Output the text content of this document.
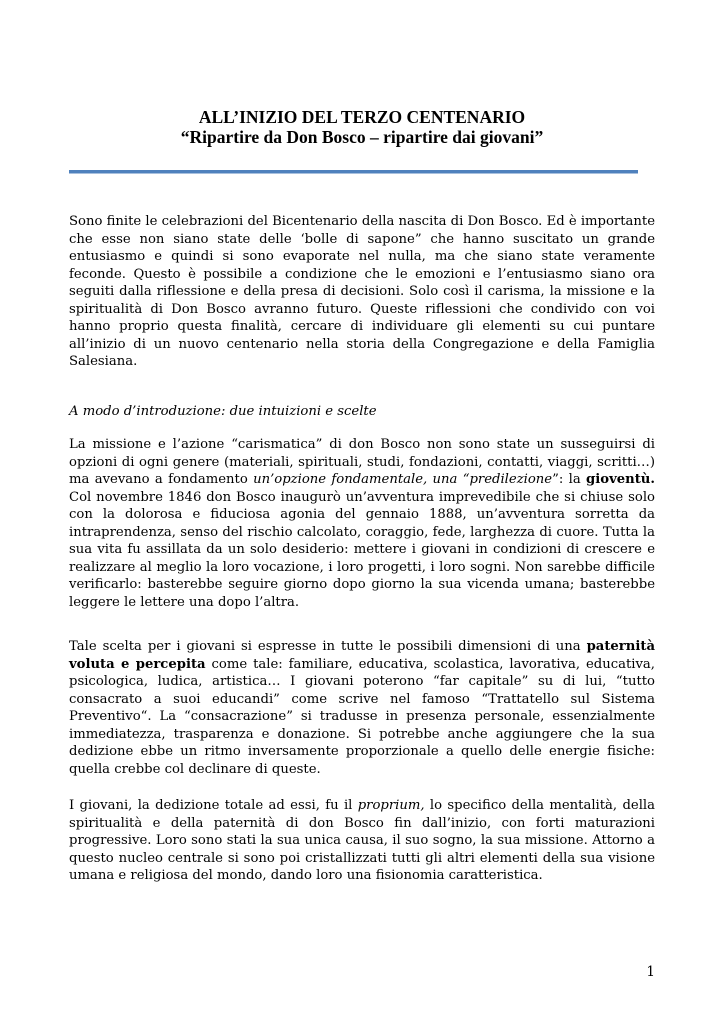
ALL’INIZIO DEL TERZO CENTENARIO
“Ripartire da Don Bosco – ripartire dai giovani”
Sono finite le celebrazioni del Bicentenario della nascita di Don Bosco. Ed è importante che esse non siano state delle ‘bolle di sapone” che hanno suscitato un grande entusiasmo e quindi si sono evaporate nel nulla, ma che siano state veramente feconde. Questo è possibile a condizione che le emozioni e l’entusiasmo siano ora seguiti dalla riflessione e della presa di decisioni. Solo così il carisma, la missione e la spiritualità di Don Bosco avranno futuro. Queste riflessioni che condivido con voi hanno proprio questa finalità, cercare di individuare gli elementi su cui puntare all’inizio di un nuovo centenario nella storia della Congregazione e della Famiglia Salesiana.
A modo d’introduzione: due intuizioni e scelte
La missione e l’azione “carismatica” di don Bosco non sono state un susseguirsi di opzioni di ogni genere (materiali, spirituali, studi, fondazioni, contatti, viaggi, scritti…) ma avevano a fondamento un’opzione fondamentale, una “predilezione”: la gioventù. Col novembre 1846 don Bosco inaugurò un’avventura imprevedibile che si chiuse solo con la dolorosa e fiduciosa agonia del gennaio 1888, un’avventura sorretta da intraprendenza, senso del rischio calcolato, coraggio, fede, larghezza di cuore. Tutta la sua vita fu assillata da un solo desiderio: mettere i giovani in condizioni di crescere e realizzare al meglio la loro vocazione, i loro progetti, i loro sogni. Non sarebbe difficile verificarlo: basterebbe seguire giorno dopo giorno la sua vicenda umana; basterebbe leggere le lettere una dopo l’altra.
Tale scelta per i giovani si espresse in tutte le possibili dimensioni di una paternità voluta e percepita come tale: familiare, educativa, scolastica, lavorativa, educativa, psicologica, ludica, artistica… I giovani poterono “far capitale” su di lui, “tutto consacrato a suoi educandi” come scrive nel famoso “Trattatello sul Sistema Preventivo“. La “consacrazione” si tradusse in presenza personale, essenzialmente immediatezza, trasparenza e donazione. Si potrebbe anche aggiungere che la sua dedizione ebbe un ritmo inversamente proporzionale a quello delle energie fisiche: quella crebbe col declinare di queste.
I giovani, la dedizione totale ad essi, fu il proprium, lo specifico della mentalità, della spiritualità e della paternità di don Bosco fin dall’inizio, con forti maturazioni progressive. Loro sono stati la sua unica causa, il suo sogno, la sua missione. Attorno a questo nucleo centrale si sono poi cristallizzati tutti gli altri elementi della sua visione umana e religiosa del mondo, dando loro una fisionomia caratteristica.
1
